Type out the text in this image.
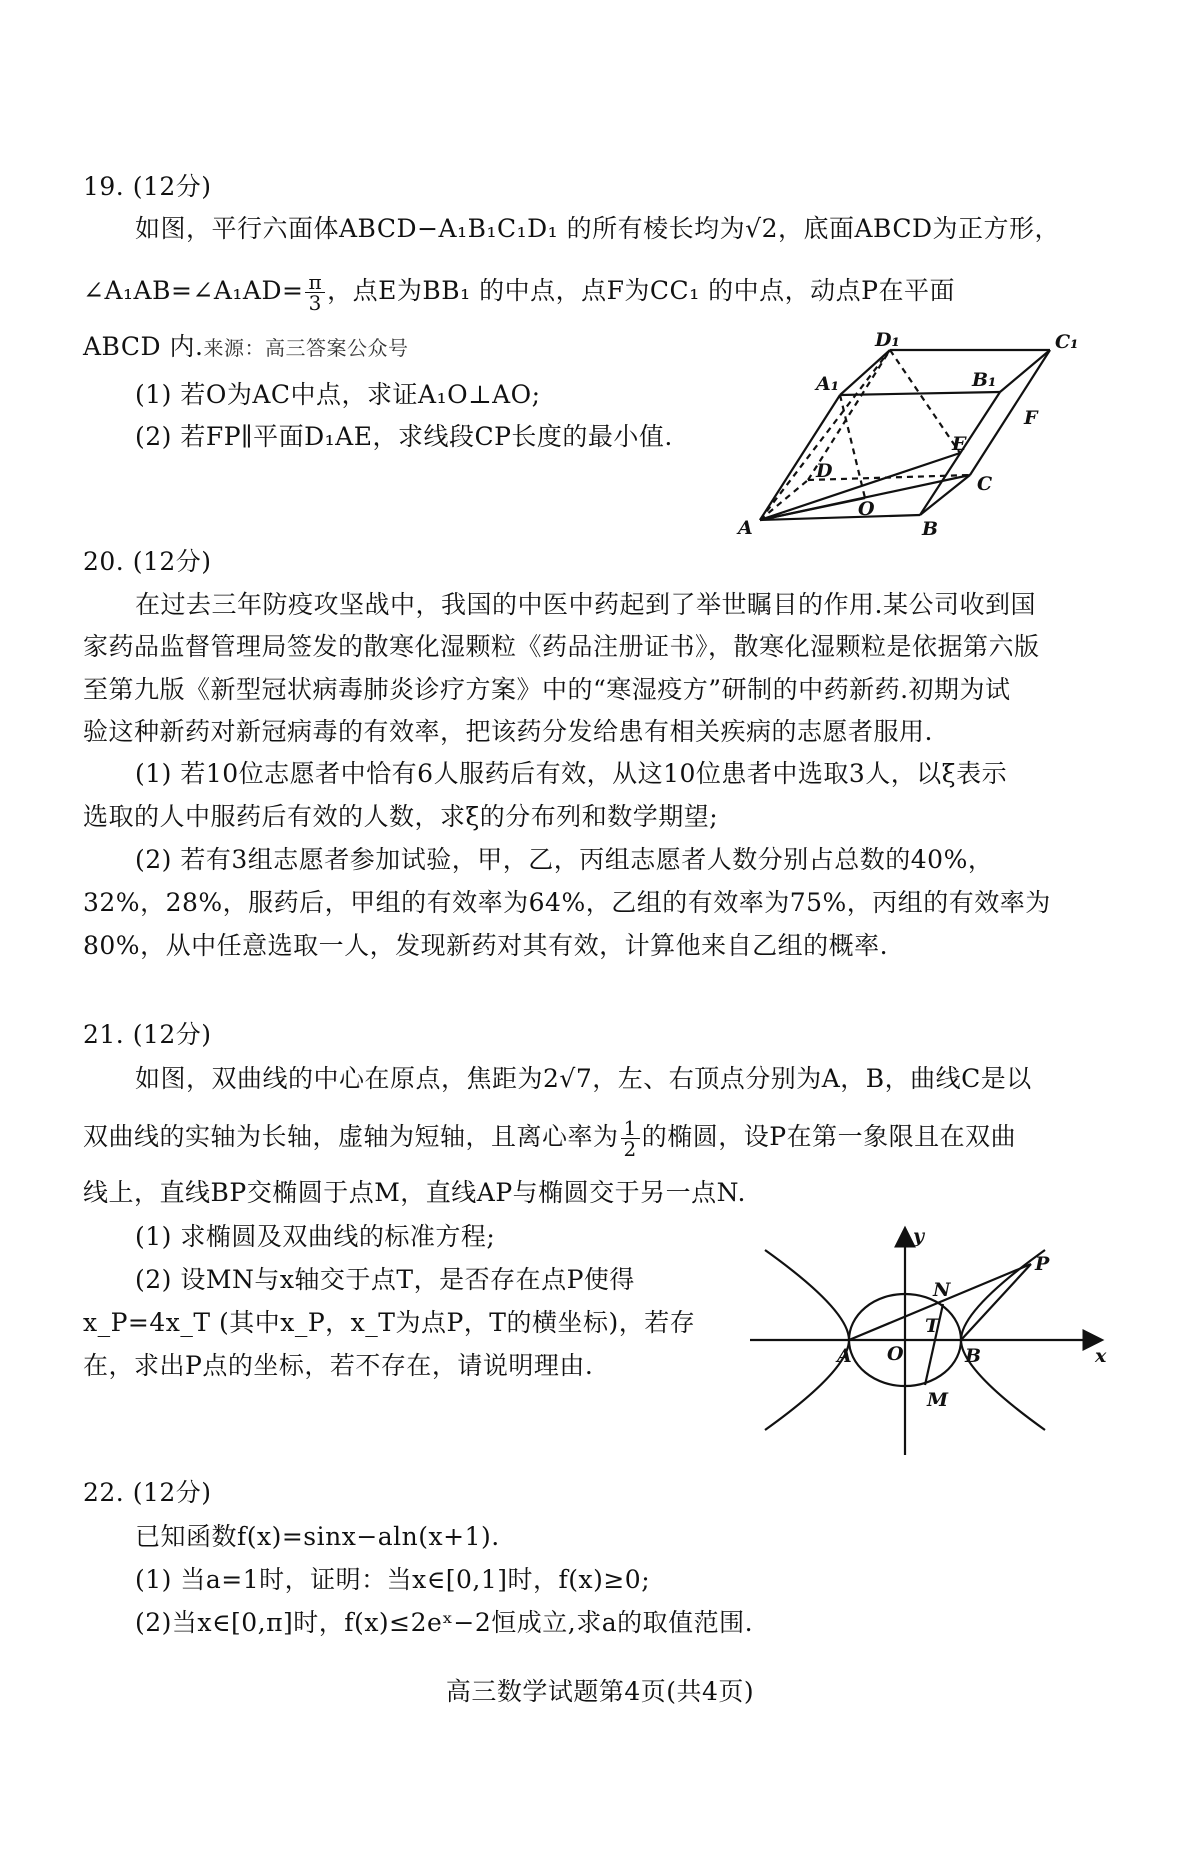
19. (12分)
如图，平行六面体ABCD−A₁B₁C₁D₁ 的所有棱长均为√2，底面ABCD为正方形，
∠A₁AB=∠A₁AD= $\frac{\pi}{3}$ ，点E为BB₁ 的中点，点F为CC₁ 的中点，动点P在平面
ABCD 内.来源：高三答案公众号
(1) 若O为AC中点，求证A₁O⊥AO;
(2) 若FP∥平面D₁AE，求线段CP长度的最小值.
D₁	C₁
A₁	B₁
F
E
D
C
O
A	B
20. (12分)
在过去三年防疫攻坚战中，我国的中医中药起到了举世瞩目的作用.某公司收到国
家药品监督管理局签发的散寒化湿颗粒《药品注册证书》，散寒化湿颗粒是依据第六版
至第九版《新型冠状病毒肺炎诊疗方案》中的“寒湿疫方”研制的中药新药.初期为试
验这种新药对新冠病毒的有效率，把该药分发给患有相关疾病的志愿者服用.
(1) 若10位志愿者中恰有6人服药后有效，从这10位患者中选取3人，以ξ表示
选取的人中服药后有效的人数，求ξ的分布列和数学期望;
(2) 若有3组志愿者参加试验，甲，乙，丙组志愿者人数分别占总数的40%，
32%，28%，服药后，甲组的有效率为64%，乙组的有效率为75%，丙组的有效率为
80%，从中任意选取一人，发现新药对其有效，计算他来自乙组的概率.
21. (12分)
如图，双曲线的中心在原点，焦距为2√7，左、右顶点分别为A，B，曲线C是以
双曲线的实轴为长轴，虚轴为短轴，且离心率为 $\frac{1}{2}$ 的椭圆，设P在第一象限且在双曲
线上，直线BP交椭圆于点M，直线AP与椭圆交于另一点N.
(1) 求椭圆及双曲线的标准方程;
(2) 设MN与x轴交于点T，是否存在点P使得
x_P=4x_T (其中x_P，x_T为点P，T的横坐标)，若存
在，求出P点的坐标，若不存在，请说明理由.
y
x
P
N
T
A O	B
M
22. (12分)
已知函数f(x)=sinx−aln(x+1).
(1) 当a=1时，证明：当x∈[0,1]时，f(x)≥0;
(2)当x∈[0,π]时，f(x)≤2eˣ−2恒成立,求a的取值范围.
高三数学试题第4页(共4页)
